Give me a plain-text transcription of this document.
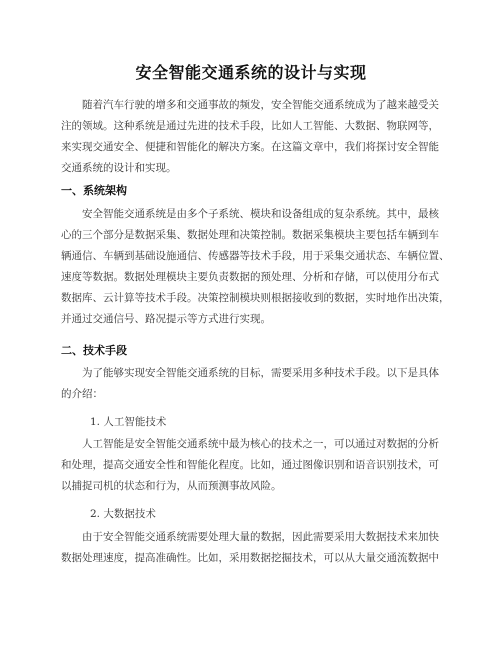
安全智能交通系统的设计与实现
随着汽车行驶的增多和交通事故的频发，安全智能交通系统成为了越来越受关
注的领域。这种系统是通过先进的技术手段，比如人工智能、大数据、物联网等，
来实现交通安全、便捷和智能化的解决方案。在这篇文章中，我们将探讨安全智能
交通系统的设计和实现。
一、系统架构
安全智能交通系统是由多个子系统、模块和设备组成的复杂系统。其中，最核
心的三个部分是数据采集、数据处理和决策控制。数据采集模块主要包括车辆到车
辆通信、车辆到基础设施通信、传感器等技术手段，用于采集交通状态、车辆位置、
速度等数据。数据处理模块主要负责数据的预处理、分析和存储，可以使用分布式
数据库、云计算等技术手段。决策控制模块则根据接收到的数据，实时地作出决策，
并通过交通信号、路况提示等方式进行实现。
二、技术手段
为了能够实现安全智能交通系统的目标，需要采用多种技术手段。以下是具体
的介绍：
1. 人工智能技术
人工智能是安全智能交通系统中最为核心的技术之一，可以通过对数据的分析
和处理，提高交通安全性和智能化程度。比如，通过图像识别和语音识别技术，可
以捕捉司机的状态和行为，从而预测事故风险。
2. 大数据技术
由于安全智能交通系统需要处理大量的数据，因此需要采用大数据技术来加快
数据处理速度，提高准确性。比如，采用数据挖掘技术，可以从大量交通流数据中
